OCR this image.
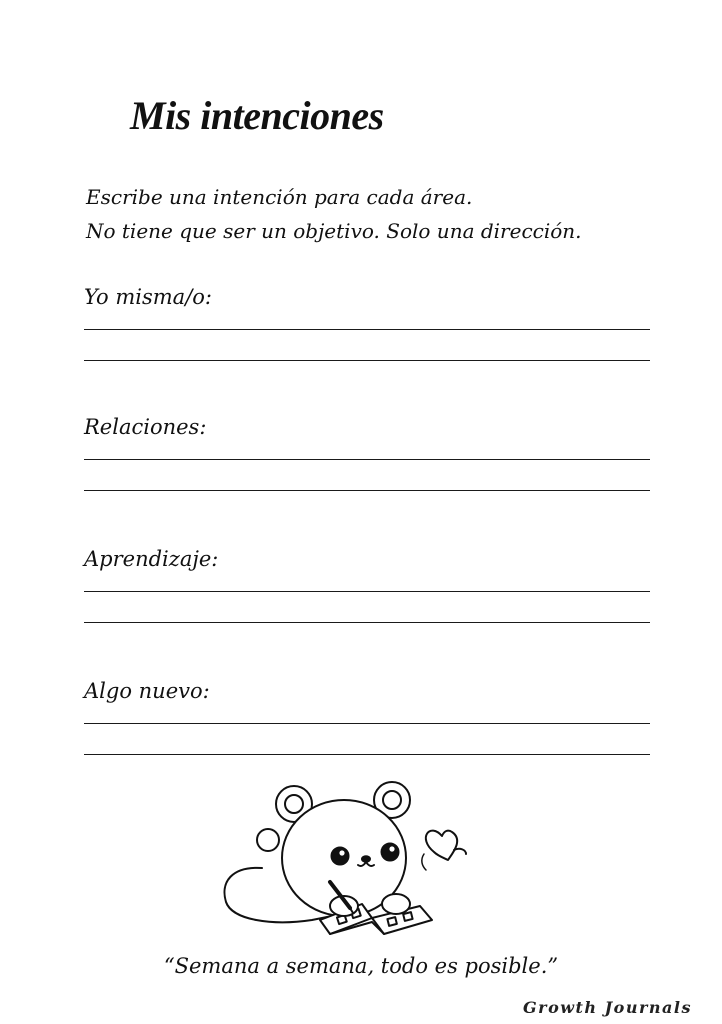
Mis intenciones
Escribe una intención para cada área.
No tiene que ser un objetivo. Solo una dirección.
Yo misma/o:
Relaciones:
Aprendizaje:
Algo nuevo:
“Semana a semana, todo es posible.”
Growth Journals
